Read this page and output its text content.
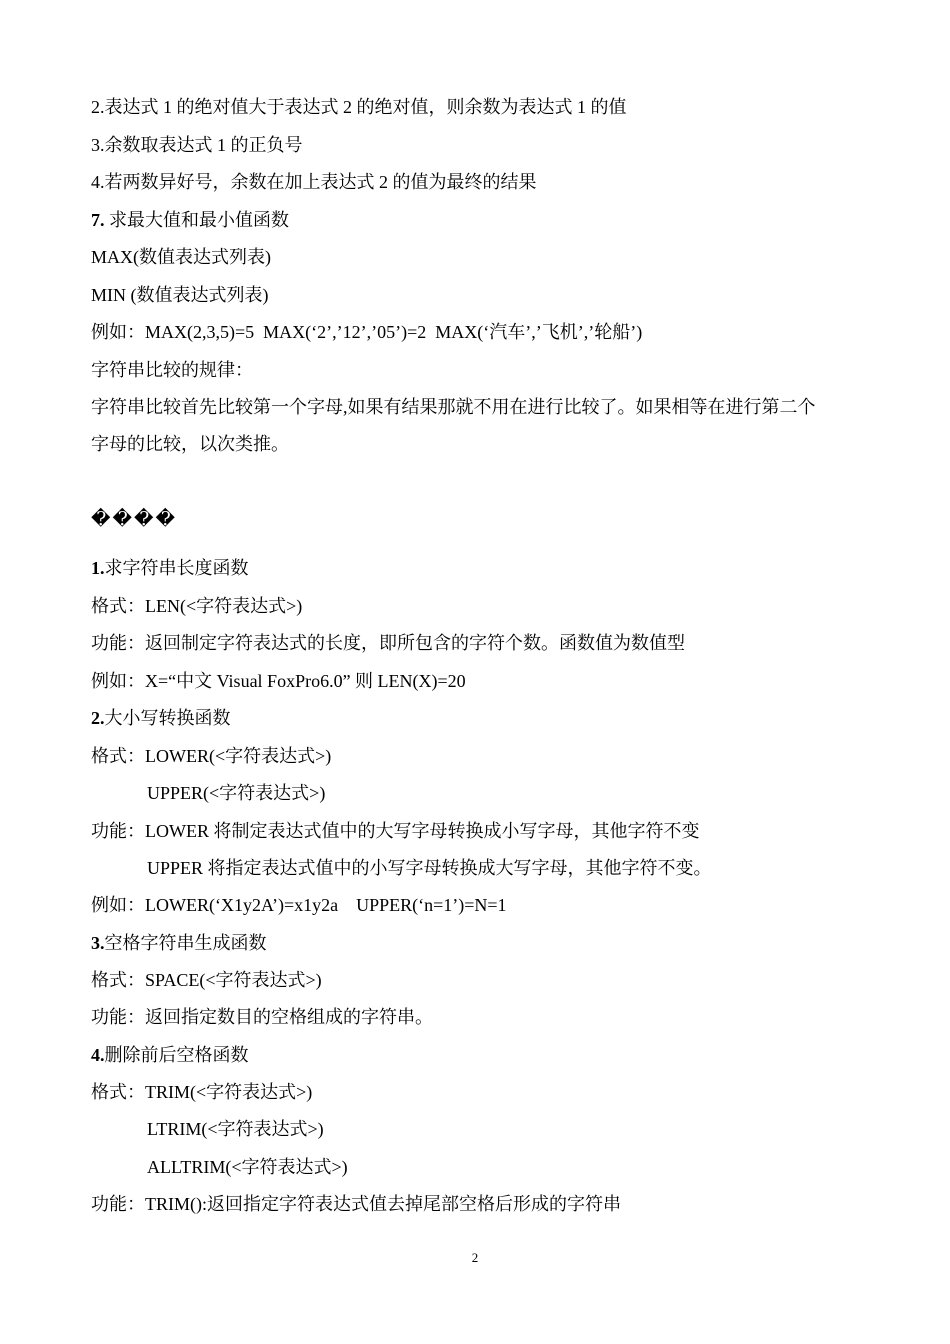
2.表达式 1 的绝对值大于表达式 2 的绝对值，则余数为表达式 1 的值
3.余数取表达式 1 的正负号
4.若两数异好号，余数在加上表达式 2 的值为最终的结果
7. 求最大值和最小值函数
MAX(数值表达式列表)
MIN (数值表达式列表)
例如：MAX(2,3,5)=5  MAX(‘2’,’12’,’05’)=2  MAX(‘汽车’,’飞机’,’轮船’)
字符串比较的规律：
字符串比较首先比较第一个字母,如果有结果那就不用在进行比较了。如果相等在进行第二个
字母的比较，以次类推。
����
1.求字符串长度函数
格式：LEN(<字符表达式>)
功能：返回制定字符表达式的长度，即所包含的字符个数。函数值为数值型
例如：X=“中文 Visual FoxPro6.0” 则 LEN(X)=20
2.大小写转换函数
格式：LOWER(<字符表达式>)
UPPER(<字符表达式>)
功能：LOWER 将制定表达式值中的大写字母转换成小写字母，其他字符不变
UPPER 将指定表达式值中的小写字母转换成大写字母，其他字符不变。
例如：LOWER(‘X1y2A’)=x1y2a    UPPER(‘n=1’)=N=1
3.空格字符串生成函数
格式：SPACE(<字符表达式>)
功能：返回指定数目的空格组成的字符串。
4.删除前后空格函数
格式：TRIM(<字符表达式>)
LTRIM(<字符表达式>)
ALLTRIM(<字符表达式>)
功能：TRIM():返回指定字符表达式值去掉尾部空格后形成的字符串
2
